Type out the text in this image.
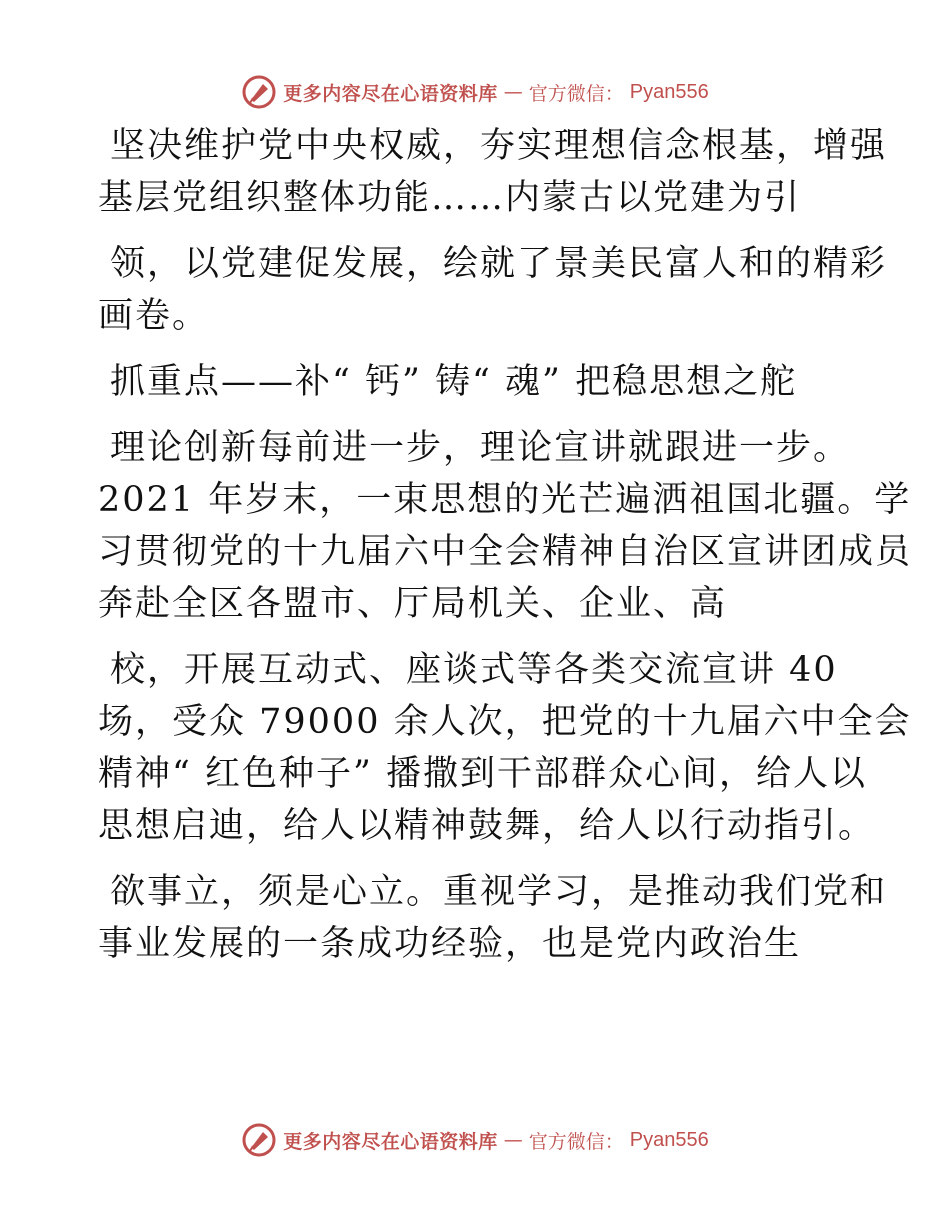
更多内容尽在心语资料库 — 官方微信： Pyan556
坚决维护党中央权威，夯实理想信念根基，增强
基层党组织整体功能……内蒙古以党建为引
领，以党建促发展，绘就了景美民富人和的精彩
画卷。
抓重点——补“ 钙” 铸“ 魂” 把稳思想之舵
理论创新每前进一步，理论宣讲就跟进一步。
2021 年岁末，一束思想的光芒遍洒祖国北疆。学
习贯彻党的十九届六中全会精神自治区宣讲团成员
奔赴全区各盟市、厅局机关、企业、高
校，开展互动式、座谈式等各类交流宣讲 40
场，受众 79000 余人次，把党的十九届六中全会
精神“ 红色种子” 播撒到干部群众心间，给人以
思想启迪，给人以精神鼓舞，给人以行动指引。
欲事立，须是心立。重视学习，是推动我们党和
事业发展的一条成功经验，也是党内政治生
更多内容尽在心语资料库 — 官方微信： Pyan556
